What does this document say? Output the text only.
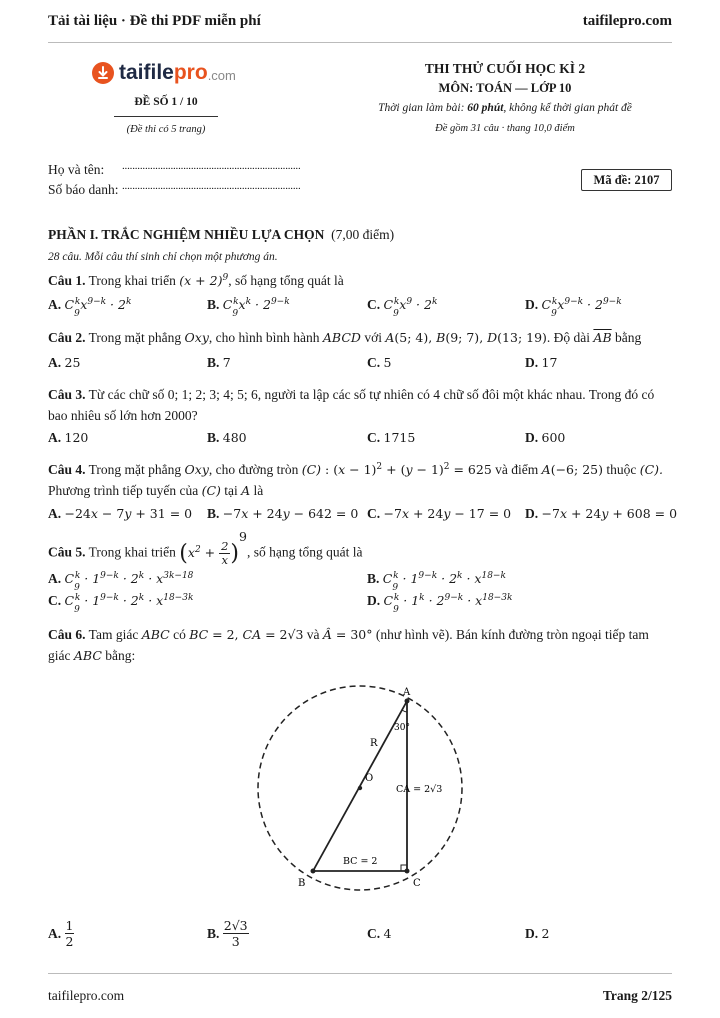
Tải tài liệu · Đề thi PDF miễn phí	taifilepro.com
taifile pro .com
ĐỀ SỐ 1 / 10
(Đề thi có 5 trang)
THI THỬ CUỐI HỌC KÌ 2
MÔN: TOÁN — LỚP 10
Thời gian làm bài: 60 phút, không kể thời gian phát đề
Đề gồm 31 câu · thang 10,0 điểm
Họ và tên: ......................................................................
Số báo danh: ......................................................................	Mã đề: 2107
PHẦN I. TRẮC NGHIỆM NHIỀU LỰA CHỌN (7,00 điểm)
28 câu. Mỗi câu thí sinh chỉ chọn một phương án.
Câu 1. Trong khai triển $(x + 2)^9$, số hạng tổng quát là
A. $C_9^kx^{9-k} \cdot 2^k$	B. $C_9^kx^k \cdot 2^{9-k}$	C. $C_9^kx^9 \cdot 2^k$	D. $C_9^kx^{9-k} \cdot 2^{9-k}$
Câu 2. Trong mặt phẳng Oxy, cho hình bình hành ABCD với A(5; 4), B(9; 7), D(13; 19). Độ dài $\overline{AB}$ bằng
A. 25	B. 7	C. 5	D. 17
Câu 3. Từ các chữ số 0; 1; 2; 3; 4; 5; 6, người ta lập các số tự nhiên có 4 chữ số đôi một khác nhau. Trong đó có
bao nhiêu số lớn hơn 2000?
A. 120	B. 480	C. 1715	D. 600
Câu 4. Trong mặt phẳng Oxy, cho đường tròn (C) : $(x - 1)^2 + (y - 1)^2 = 625$ và điểm A(−6; 25) thuộc (C).
Phương trình tiếp tuyến của (C) tại A là
A. −24x − 7y + 31 = 0 B. −7x + 24y − 642 = 0 C. −7x + 24y − 17 = 0 D. −7x + 24y + 608 = 0
Câu 5. Trong khai triển $(x^2 + \frac{2}{x} )^9$, số hạng tổng quát là
A. $C_9^k \cdot 1^{9-k} \cdot 2^k \cdot x^{3k-18}$	B. $C_9^k \cdot 1^{9-k} \cdot 2^k \cdot x^{18-k}$
C. $C_9^k \cdot 1^{9-k} \cdot 2^k \cdot x^{18-3k}$	D. $C_9^k \cdot 1^k \cdot 2^{9-k} \cdot x^{18-3k}$
Câu 6. Tam giác ABC có BC = 2, CA = 2√3 và Â = 30° (như hình vẽ). Bán kính đường tròn ngoại tiếp tam
giác ABC bằng:
A
B	C
O
R
30°
BC = 2
CA = 2√3
A.
1
2
B.
2√3
3
C. 4	D. 2
taifilepro.com	Trang 2/125
